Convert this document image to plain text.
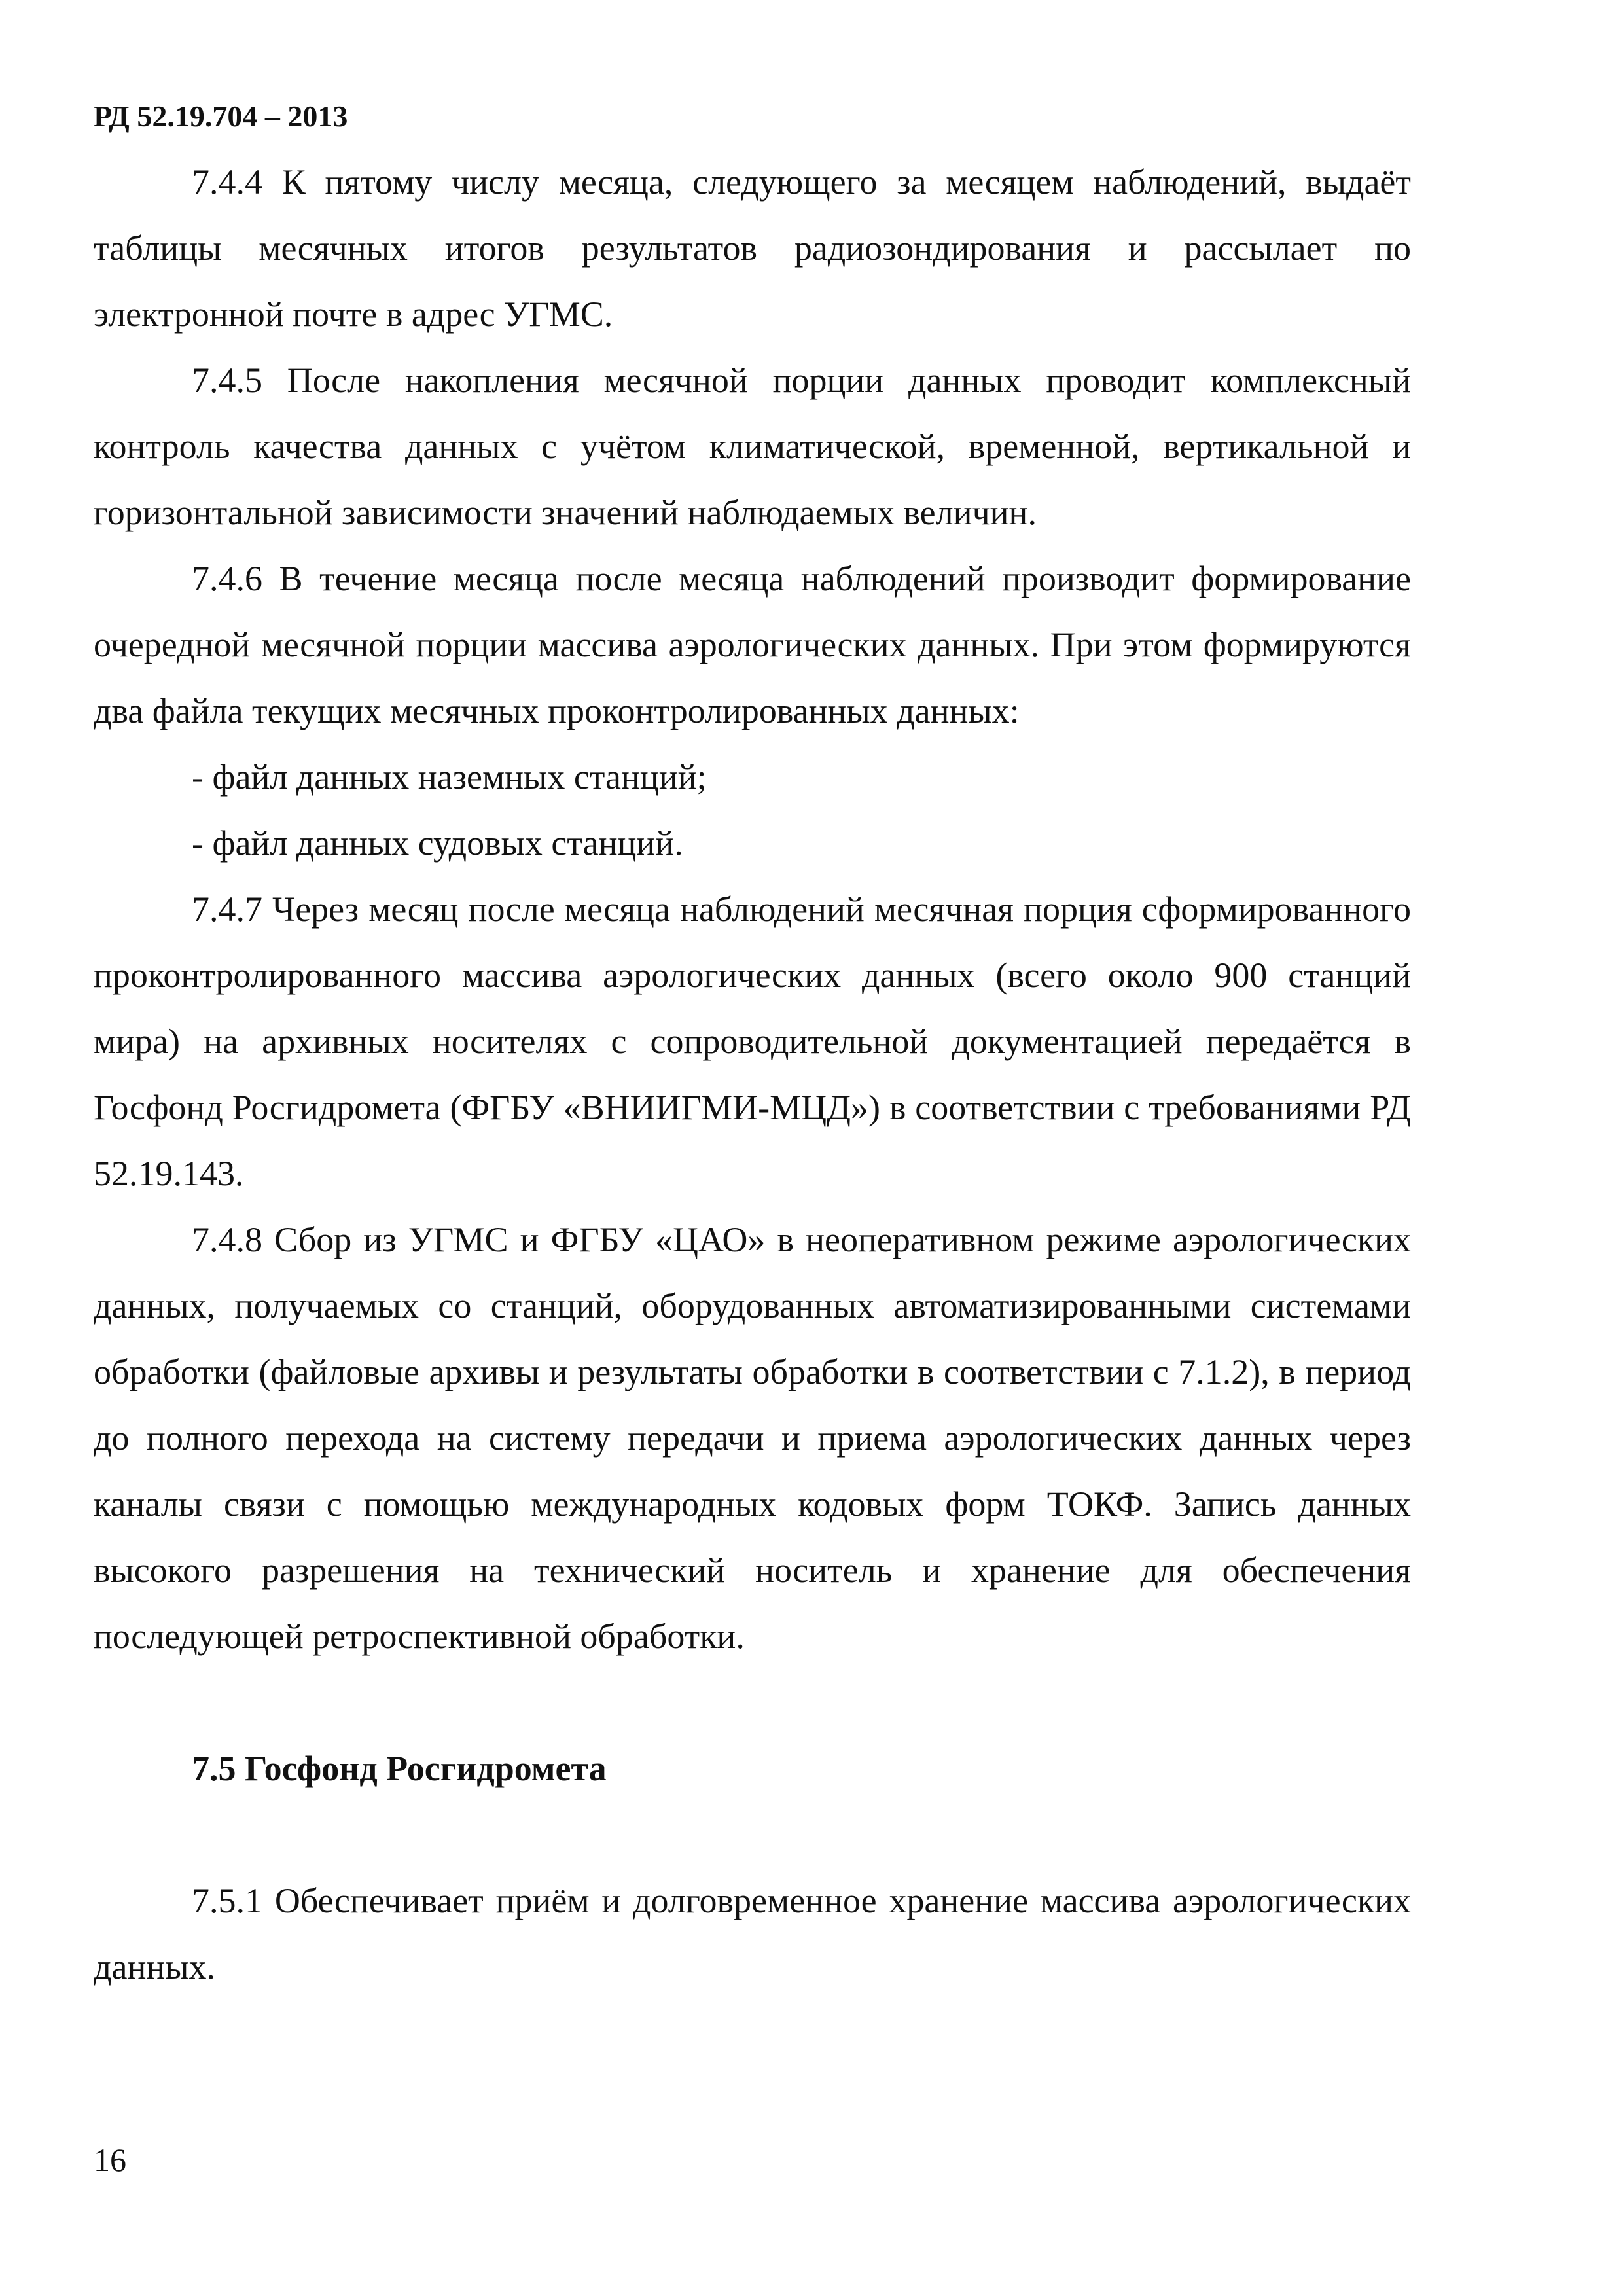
РД 52.19.704 – 2013

7.4.4 К пятому числу месяца, следующего за месяцем наблюдений, выдаёт таблицы месячных итогов результатов радиозондирования и рассылает по электронной почте в адрес УГМС.

7.4.5 После накопления месячной порции данных проводит комплексный контроль качества данных с учётом климатической, временной, вертикальной и горизонтальной зависимости значений наблюдаемых величин.

7.4.6 В течение месяца после месяца наблюдений производит формирование очередной месячной порции массива аэрологических данных. При этом формируются два файла текущих месячных проконтролированных данных:

- файл данных наземных станций;

- файл данных судовых станций.

7.4.7 Через месяц после месяца наблюдений месячная порция сформированного проконтролированного массива аэрологических данных (всего около 900 станций мира) на архивных носителях с сопроводительной документацией передаётся в Госфонд Росгидромета (ФГБУ «ВНИИГМИ-МЦД») в соответствии с требованиями РД 52.19.143.

7.4.8 Сбор из УГМС и ФГБУ «ЦАО» в неоперативном режиме аэрологических данных, получаемых со станций, оборудованных автоматизированными системами обработки (файловые архивы и результаты обработки в соответствии с 7.1.2), в период до полного перехода на систему передачи и приема аэрологических данных через каналы связи с помощью международных кодовых форм ТОКФ. Запись данных высокого разрешения на технический носитель и хранение для обеспечения последующей ретроспективной обработки.

7.5 Госфонд Росгидромета

7.5.1 Обеспечивает приём и долговременное хранение массива аэрологических данных.

16
